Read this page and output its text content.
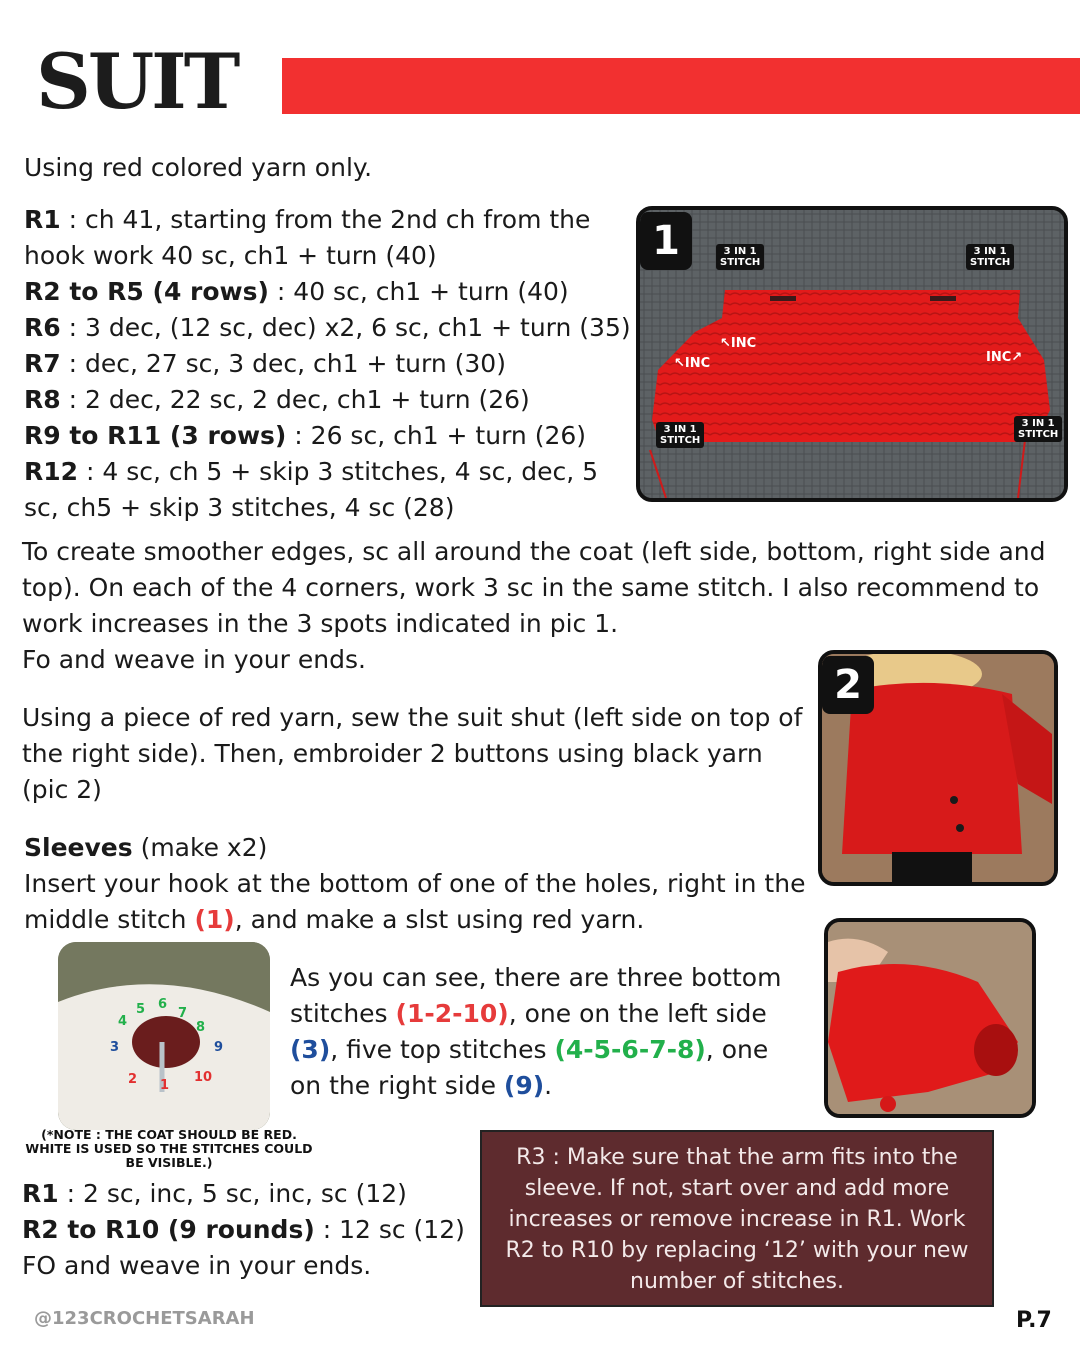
SUIT
Using red colored yarn only.
R1 : ch 41, starting from the 2nd ch from the hook work 40 sc, ch1 + turn (40)
R2 to R5 (4 rows) : 40 sc, ch1 + turn (40)
R6 : 3 dec, (12 sc, dec) x2, 6 sc, ch1 + turn (35)
R7 : dec, 27 sc, 3 dec, ch1 + turn (30)
R8 : 2 dec, 22 sc, 2 dec, ch1 + turn (26)
R9 to R11 (3 rows) : 26 sc, ch1 + turn (26)
R12 : 4 sc, ch 5 + skip 3 stitches, 4 sc, dec, 5 sc, ch5 + skip 3 stitches, 4 sc (28)
1	3 IN 1
STITCH
3 IN 1
STITCH
3 IN 1
STITCH
3 IN 1
STITCH
↖INC
↖INC	INC↗
To create smoother edges, sc all around the coat (left side, bottom, right side and top). On each of the 4 corners, work 3 sc in the same stitch. I also recommend to work increases in the 3 spots indicated in pic 1.
Fo and weave in your ends.
Using a piece of red yarn, sew the suit shut (left side on top of the right side). Then, embroider 2 buttons using black yarn (pic 2)
2
Sleeves (make x2)
Insert your hook at the bottom of one of the holes, right in the middle stitch (1), and make a slst using red yarn.
1
2
3
4
5 6
7
8
9
10
As you can see, there are three bottom stitches (1-2-10), one on the left side (3), five top stitches (4-5-6-7-8), one on the right side (9).
(*NOTE : THE COAT SHOULD BE RED. WHITE IS USED SO THE STITCHES COULD BE VISIBLE.)
R1 : 2 sc, inc, 5 sc, inc, sc (12)
R2 to R10 (9 rounds) : 12 sc (12)
FO and weave in your ends.
R3 : Make sure that the arm fits into the sleeve. If not, start over and add more increases or remove increase in R1. Work R2 to R10 by replacing ‘12’ with your new number of stitches.
@123CROCHETSARAH	P.7
